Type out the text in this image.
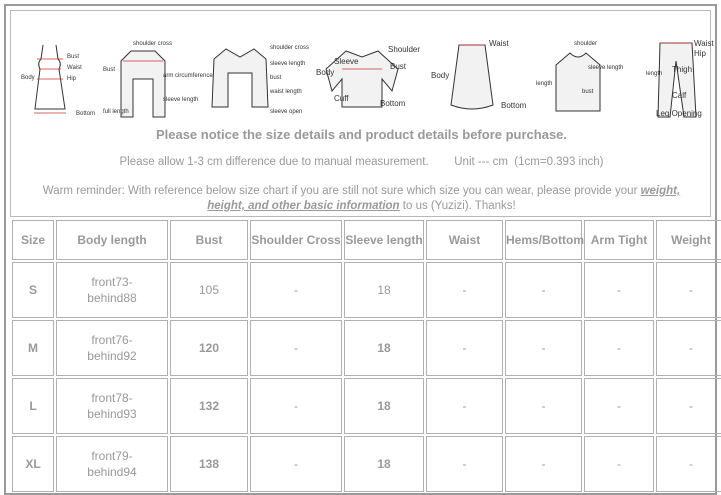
Bust
Waist
Hip
Body
Bottom
shoulder cross
Bust
arm circumference
sleeve length
full length
shoulder cross
sleeve length
bust
waist length
sleeve open
Shoulder
Sleeve
Bust
Body
Cuff
Bottom
Waist
Body
Bottom
shoulder
sleeve length
length
bust
Waist
Hip
Thigh
length
Calf
Leg Opening
Please notice the size details and product details before purchase.
Please allow 1-3 cm difference due to manual measurement.        Unit --- cm  (1cm=0.393 inch)
Warm reminder: With reference below size chart if you are still not sure which size you can wear, please provide your weight, height, and other basic information to us (Yuzizi). Thanks!
Size	Body length	Bust	Shoulder Cross	Sleeve length	Waist	Hems/Bottom	Arm Tight	Weight
S	front73-
behind88	105	-	18	-	-	-	-
M	front76-
behind92	120	-	18	-	-	-	-
L	front78-
behind93	132	-	18	-	-	-	-
XL	front79-
behind94	138	-	18	-	-	-	-
